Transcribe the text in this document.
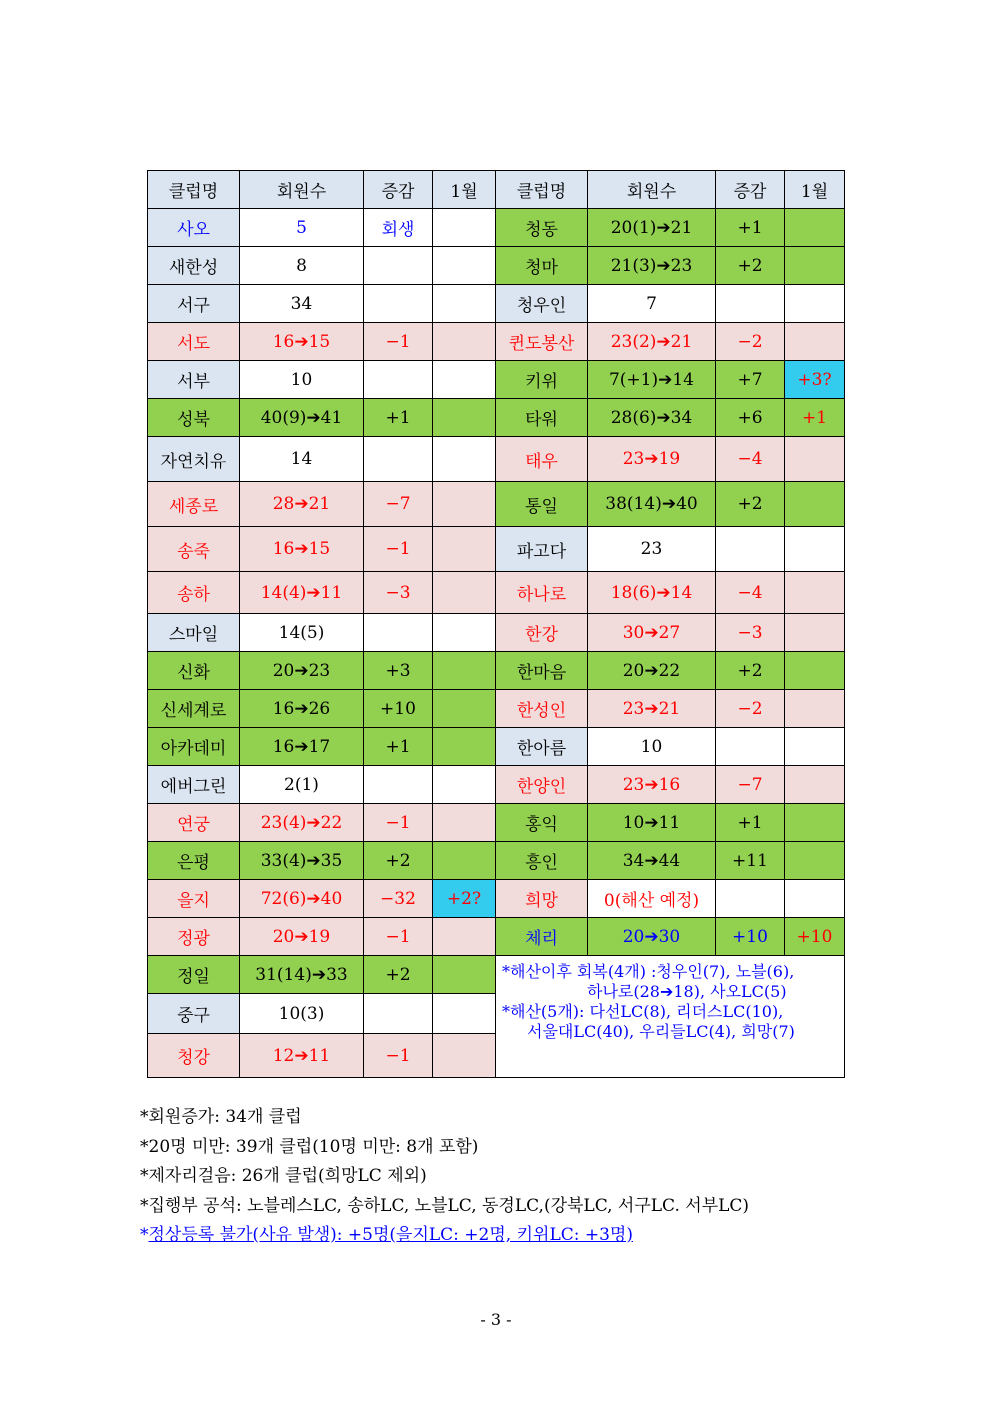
클럽명	회원수	증감	1월	클럽명	회원수	증감	1월
사오	5	회생		청동	20(1)➔21	+1	
새한성	8			청마	21(3)➔23	+2	
서구	34			청우인	7		
서도	16➔15	−1		퀸도봉산	23(2)➔21	−2	
서부	10			키위	7(+1)➔14	+7	+3?
성북	40(9)➔41	+1		타워	28(6)➔34	+6	+1
자연치유	14			태우	23➔19	−4	
세종로	28➔21	−7		통일	38(14)➔40	+2	
송죽	16➔15	−1		파고다	23		
송하	14(4)➔11	−3		하나로	18(6)➔14	−4	
스마일	14(5)			한강	30➔27	−3	
신화	20➔23	+3		한마음	20➔22	+2	
신세계로	16➔26	+10		한성인	23➔21	−2	
아카데미	16➔17	+1		한아름	10		
에버그린	2(1)			한양인	23➔16	−7	
연궁	23(4)➔22	−1		홍익	10➔11	+1	
은평	33(4)➔35	+2		흥인	34➔44	+11	
을지	72(6)➔40	−32	+2?	희망	0(해산 예정)		
정광	20➔19	−1		체리	20➔30	+10	+10
정일	31(14)➔33	+2		*해산이후 회복(4개) :청우인(7), 노블(6),
하나로(28➔18), 사오LC(5)
*해산(5개): 다선LC(8), 리더스LC(10),
서울대LC(40), 우리들LC(4), 희망(7)			

중구	10(3)						
청강	12➔11	−1					
*회원증가: 34개 클럽
*20명 미만: 39개 클럽(10명 미만: 8개 포함)
*제자리걸음: 26개 클럽(희망LC 제외)
*집행부 공석: 노블레스LC, 송하LC, 노블LC, 동경LC,(강북LC, 서구LC. 서부LC)
*정상등록 불가(사유 발생): +5명(을지LC: +2명, 키위LC: +3명)
- 3 -
